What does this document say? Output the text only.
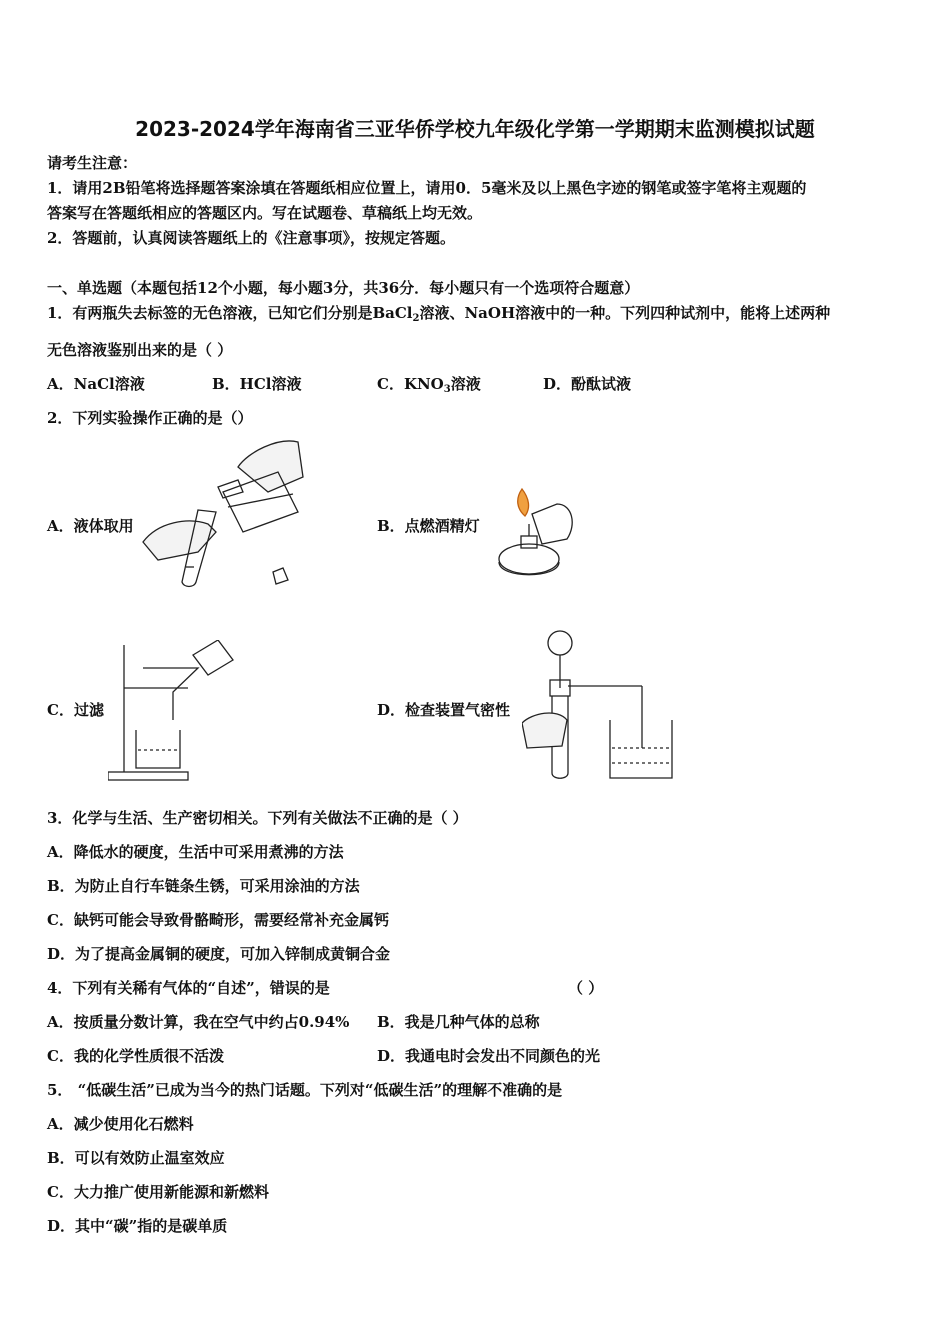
2023-2024学年海南省三亚华侨学校九年级化学第一学期期末监测模拟试题
请考生注意：
1．请用2B铅笔将选择题答案涂填在答题纸相应位置上，请用0．5毫米及以上黑色字迹的钢笔或签字笔将主观题的
答案写在答题纸相应的答题区内。写在试题卷、草稿纸上均无效。
2．答题前，认真阅读答题纸上的《注意事项》，按规定答题。
一、单选题（本题包括12个小题，每小题3分，共36分．每小题只有一个选项符合题意）
1．有两瓶失去标签的无色溶液，已知它们分别是BaCl$_2$溶液、NaOH溶液中的一种。下列四种试剂中，能将上述两种
无色溶液鉴别出来的是（ ）
A．NaCl溶液	B．HCl溶液	C．$KNO_3$溶液	D．酚酞试液
2．下列实验操作正确的是（）
A．液体取用	B．点燃酒精灯
C．过滤	D．检查装置气密性
3．化学与生活、生产密切相关。下列有关做法不正确的是（ ）
A．降低水的硬度，生活中可采用煮沸的方法
B．为防止自行车链条生锈，可采用涂油的方法
C．缺钙可能会导致骨骼畸形，需要经常补充金属钙
D．为了提高金属铜的硬度，可加入锌制成黄铜合金
4．下列有关稀有气体的“自述”，错误的是	（ ）
A．按质量分数计算，我在空气中约占0.94% B．我是几种气体的总称
C．我的化学性质很不活泼	D．我通电时会发出不同颜色的光
5． “低碳生活”已成为当今的热门话题。下列对“低碳生活”的理解不准确的是
A．减少使用化石燃料
B．可以有效防止温室效应
C．大力推广使用新能源和新燃料
D．其中“碳”指的是碳单质
